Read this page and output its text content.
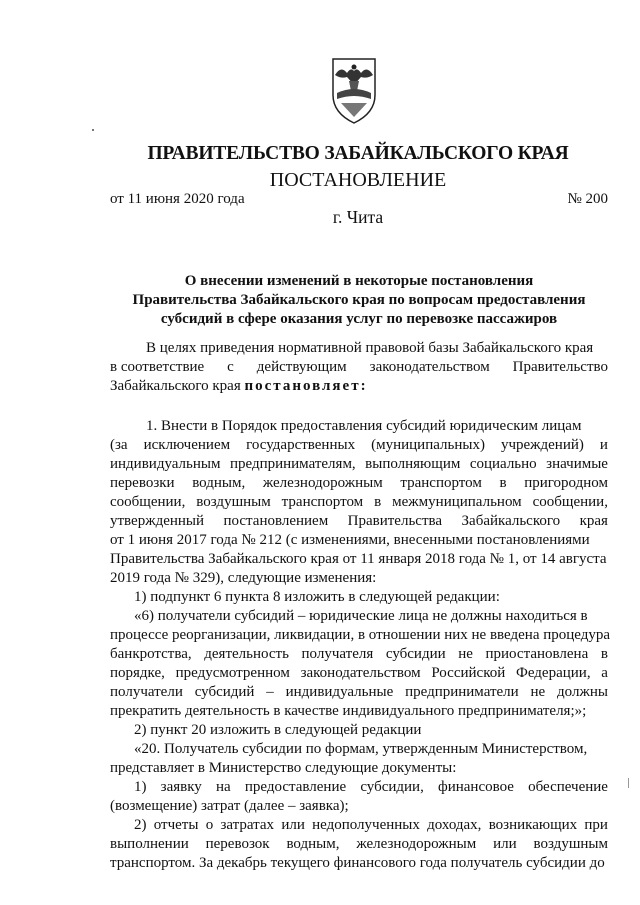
ПРАВИТЕЛЬСТВО ЗАБАЙКАЛЬСКОГО КРАЯ
ПОСТАНОВЛЕНИЕ
от 11 июня 2020 года	№ 200
г. Чита
О внесении изменений в некоторые постановления
Правительства Забайкальского края по вопросам предоставления
субсидий в сфере оказания услуг по перевозке пассажиров
В целях приведения нормативной правовой базы Забайкальского края
в соответствие с действующим законодательством Правительство
Забайкальского края постановляет:
1. Внести в Порядок предоставления субсидий юридическим лицам
(за исключением государственных (муниципальных) учреждений) и
индивидуальным предпринимателям, выполняющим социально значимые
перевозки водным, железнодорожным транспортом в пригородном
сообщении, воздушным транспортом в межмуниципальном сообщении,
утвержденный постановлением Правительства Забайкальского края
от 1 июня 2017 года № 212 (с изменениями, внесенными постановлениями
Правительства Забайкальского края от 11 января 2018 года № 1, от 14 августа
2019 года № 329), следующие изменения:
1) подпункт 6 пункта 8 изложить в следующей редакции:
«6) получатели субсидий – юридические лица не должны находиться в
процессе реорганизации, ликвидации, в отношении них не введена процедура
банкротства, деятельность получателя субсидии не приостановлена в
порядке, предусмотренном законодательством Российской Федерации, а
получатели субсидий – индивидуальные предприниматели не должны
прекратить деятельность в качестве индивидуального предпринимателя;»;
2) пункт 20 изложить в следующей редакции
«20. Получатель субсидии по формам, утвержденным Министерством,
представляет в Министерство следующие документы:
1) заявку на предоставление субсидии, финансовое обеспечение
(возмещение) затрат (далее – заявка);
2) отчеты о затратах или недополученных доходах, возникающих при
выполнении перевозок водным, железнодорожным или воздушным
транспортом. За декабрь текущего финансового года получатель субсидии до
